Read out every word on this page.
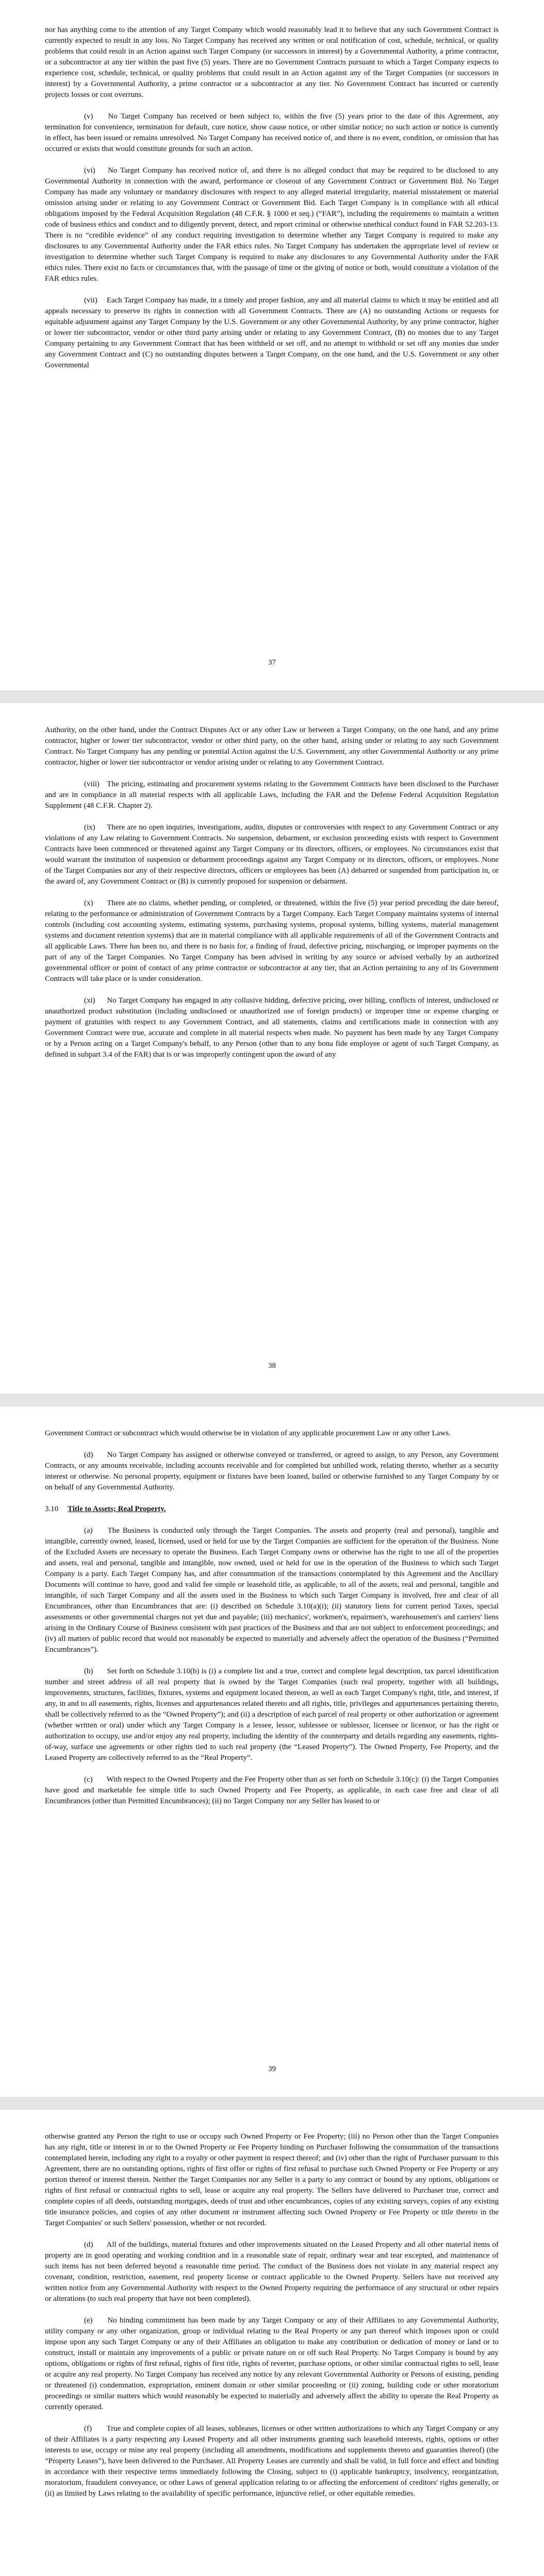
nor has anything come to the attention of any Target Company which would reasonably lead it to believe that any such Government Contract is currently expected to result in any loss. No Target Company has received any written or oral notification of cost, schedule, technical, or quality problems that could result in an Action against such Target Company (or successors in interest) by a Governmental Authority, a prime contractor, or a subcontractor at any tier within the past five (5) years. There are no Government Contracts pursuant to which a Target Company expects to experience cost, schedule, technical, or quality problems that could result in an Action against any of the Target Companies (or successors in interest) by a Governmental Authority, a prime contractor or a subcontractor at any tier. No Government Contract has incurred or currently projects losses or cost overruns.

(v) No Target Company has received or been subject to, within the five (5) years prior to the date of this Agreement, any termination for convenience, termination for default, cure notice, show cause notice, or other similar notice; no such action or notice is currently in effect, has been issued or remains unresolved. No Target Company has received notice of, and there is no event, condition, or omission that has occurred or exists that would constitute grounds for such an action.

(vi) No Target Company has received notice of, and there is no alleged conduct that may be required to be disclosed to any Governmental Authority in connection with the award, performance or closeout of any Government Contract or Government Bid. No Target Company has made any voluntary or mandatory disclosures with respect to any alleged material irregularity, material misstatement or material omission arising under or relating to any Government Contract or Government Bid. Each Target Company is in compliance with all ethical obligations imposed by the Federal Acquisition Regulation (48 C.F.R. § 1000 et seq.) (“FAR”), including the requirements to maintain a written code of business ethics and conduct and to diligently prevent, detect, and report criminal or otherwise unethical conduct found in FAR 52.203-13. There is no “credible evidence” of any conduct requiring investigation to determine whether any Target Company is required to make any disclosures to any Governmental Authority under the FAR ethics rules. No Target Company has undertaken the appropriate level of review or investigation to determine whether such Target Company is required to make any disclosures to any Governmental Authority under the FAR ethics rules. There exist no facts or circumstances that, with the passage of time or the giving of notice or both, would constitute a violation of the FAR ethics rules.

(vii) Each Target Company has made, in a timely and proper fashion, any and all material claims to which it may be entitled and all appeals necessary to preserve its rights in connection with all Government Contracts. There are (A) no outstanding Actions or requests for equitable adjustment against any Target Company by the U.S. Government or any other Governmental Authority, by any prime contractor, higher or lower tier subcontractor, vendor or other third party arising under or relating to any Government Contract, (B) no monies due to any Target Company pertaining to any Government Contract that has been withheld or set off, and no attempt to withhold or set off any monies due under any Government Contract and (C) no outstanding disputes between a Target Company, on the one hand, and the U.S. Government or any other Governmental

37

Authority, on the other hand, under the Contract Disputes Act or any other Law or between a Target Company, on the one hand, and any prime contractor, higher or lower tier subcontractor, vendor or other third party, on the other hand, arising under or relating to any such Government Contract. No Target Company has any pending or potential Action against the U.S. Government, any other Governmental Authority or any prime contractor, higher or lower tier subcontractor or vendor arising under or relating to any Government Contract.

(viii) The pricing, estimating and procurement systems relating to the Government Contracts have been disclosed to the Purchaser and are in compliance in all material respects with all applicable Laws, including the FAR and the Defense Federal Acquisition Regulation Supplement (48 C.F.R. Chapter 2).

(ix) There are no open inquiries, investigations, audits, disputes or controversies with respect to any Government Contract or any violations of any Law relating to Government Contracts. No suspension, debarment, or exclusion proceeding exists with respect to Government Contracts have been commenced or threatened against any Target Company or its directors, officers, or employees. No circumstances exist that would warrant the institution of suspension or debarment proceedings against any Target Company or its directors, officers, or employees. None of the Target Companies nor any of their respective directors, officers or employees has been (A) debarred or suspended from participation in, or the award of, any Government Contract or (B) is currently proposed for suspension or debarment.

(x) There are no claims, whether pending, or completed, or threatened, within the five (5) year period preceding the date hereof, relating to the performance or administration of Government Contracts by a Target Company. Each Target Company maintains systems of internal controls (including cost accounting systems, estimating systems, purchasing systems, proposal systems, billing systems, material management systems and document retention systems) that are in material compliance with all applicable requirements of all of the Government Contracts and all applicable Laws. There has been no, and there is no basis for, a finding of fraud, defective pricing, mischarging, or improper payments on the part of any of the Target Companies. No Target Company has been advised in writing by any source or advised verbally by an authorized governmental officer or point of contact of any prime contractor or subcontractor at any tier, that an Action pertaining to any of its Government Contracts will take place or is under consideration.

(xi) No Target Company has engaged in any collusive bidding, defective pricing, over billing, conflicts of interest, undisclosed or unauthorized product substitution (including undisclosed or unauthorized use of foreign products) or improper time or expense charging or payment of gratuities with respect to any Government Contract, and all statements, claims and certifications made in connection with any Government Contract were true, accurate and complete in all material respects when made. No payment has been made by any Target Company or by a Person acting on a Target Company's behalf, to any Person (other than to any bona fide employee or agent of such Target Company, as defined in subpart 3.4 of the FAR) that is or was improperly contingent upon the award of any

38

Government Contract or subcontract which would otherwise be in violation of any applicable procurement Law or any other Laws.

(d) No Target Company has assigned or otherwise conveyed or transferred, or agreed to assign, to any Person, any Government Contracts, or any amounts receivable, including accounts receivable and for completed but unbilled work, relating thereto, whether as a security interest or otherwise. No personal property, equipment or fixtures have been loaned, bailed or otherwise furnished to any Target Company by or on behalf of any Governmental Authority.

3.10 Title to Assets; Real Property.

(a) The Business is conducted only through the Target Companies. The assets and property (real and personal), tangible and intangible, currently owned, leased, licensed, used or held for use by the Target Companies are sufficient for the operation of the Business. None of the Excluded Assets are necessary to operate the Business. Each Target Company owns or otherwise has the right to use all of the properties and assets, real and personal, tangible and intangible, now owned, used or held for use in the operation of the Business to which such Target Company is a party. Each Target Company has, and after consummation of the transactions contemplated by this Agreement and the Ancillary Documents will continue to have, good and valid fee simple or leasehold title, as applicable, to all of the assets, real and personal, tangible and intangible, of such Target Company and all the assets used in the Business to which such Target Company is involved, free and clear of all Encumbrances, other than Encumbrances that are: (i) described on Schedule 3.10(a)(i); (ii) statutory liens for current period Taxes, special assessments or other governmental charges not yet due and payable; (iii) mechanics', workmen's, repairmen's, warehousemen's and carriers' liens arising in the Ordinary Course of Business consistent with past practices of the Business and that are not subject to enforcement proceedings; and (iv) all matters of public record that would not reasonably be expected to materially and adversely affect the operation of the Business (“Permitted Encumbrances”).

(b) Set forth on Schedule 3.10(b) is (i) a complete list and a true, correct and complete legal description, tax parcel identification number and street address of all real property that is owned by the Target Companies (such real property, together with all buildings, improvements, structures, facilities, fixtures, systems and equipment located thereon, as well as each Target Company's right, title, and interest, if any, in and to all easements, rights, licenses and appurtenances related thereto and all rights, title, privileges and appurtenances pertaining thereto, shall be collectively referred to as the “Owned Property”); and (ii) a description of each parcel of real property or other authorization or agreement (whether written or oral) under which any Target Company is a lessee, lessor, sublessee or sublessor, licensee or licensor, or has the right or authorization to occupy, use and/or enjoy any real property, including the identity of the counterparty and details regarding any easements, rights-of-way, surface use agreements or other rights tied to such real property (the “Leased Property”). The Owned Property, Fee Property, and the Leased Property are collectively referred to as the “Real Property”.

(c) With respect to the Owned Property and the Fee Property other than as set forth on Schedule 3.10(c): (i) the Target Companies have good and marketable fee simple title to such Owned Property and Fee Property, as applicable, in each case free and clear of all Encumbrances (other than Permitted Encumbrances); (ii) no Target Company nor any Seller has leased to or

39

otherwise granted any Person the right to use or occupy such Owned Property or Fee Property; (iii) no Person other than the Target Companies has any right, title or interest in or to the Owned Property or Fee Property binding on Purchaser following the consummation of the transactions contemplated herein, including any right to a royalty or other payment in respect thereof; and (iv) other than the right of Purchaser pursuant to this Agreement, there are no outstanding options, rights of first offer or rights of first refusal to purchase such Owned Property or Fee Property or any portion thereof or interest therein. Neither the Target Companies nor any Seller is a party to any contract or bound by any options, obligations or rights of first refusal or contractual rights to sell, lease or acquire any real property. The Sellers have delivered to Purchaser true, correct and complete copies of all deeds, outstanding mortgages, deeds of trust and other encumbrances, copies of any existing surveys, copies of any existing title insurance policies, and copies of any other document or instrument affecting such Owned Property or Fee Property or title thereto in the Target Companies' or such Sellers' possession, whether or not recorded.

(d) All of the buildings, material fixtures and other improvements situated on the Leased Property and all other material items of property are in good operating and working condition and in a reasonable state of repair, ordinary wear and tear excepted, and maintenance of such items has not been deferred beyond a reasonable time period. The conduct of the Business does not violate in any material respect any covenant, condition, restriction, easement, real property license or contract applicable to the Owned Property. Sellers have not received any written notice from any Governmental Authority with respect to the Owned Property requiring the performance of any structural or other repairs or alterations (to such real property that have not been completed).

(e) No binding commitment has been made by any Target Company or any of their Affiliates to any Governmental Authority, utility company or any other organization, group or individual relating to the Real Property or any part thereof which imposes upon or could impose upon any such Target Company or any of their Affiliates an obligation to make any contribution or dedication of money or land or to construct, install or maintain any improvements of a public or private nature on or off such Real Property. No Target Company is bound by any options, obligations or rights of first refusal, rights of first title, rights of reverter, purchase options, or other similar contractual rights to sell, lease or acquire any real property. No Target Company has received any notice by any relevant Governmental Authority or Persons of existing, pending or threatened (i) condemnation, expropriation, eminent domain or other similar proceeding or (ii) zoning, building code or other moratorium proceedings or similar matters which would reasonably be expected to materially and adversely affect the ability to operate the Real Property as currently operated.

(f) True and complete copies of all leases, subleases, licenses or other written authorizations to which any Target Company or any of their Affiliates is a party respecting any Leased Property and all other instruments granting such leasehold interests, rights, options or other interests to use, occupy or mine any real property (including all amendments, modifications and supplements thereto and guaranties thereof) (the “Property Leases”), have been delivered to the Purchaser. All Property Leases are currently and shall be valid, in full force and effect and binding in accordance with their respective terms immediately following the Closing, subject to (i) applicable bankruptcy, insolvency, reorganization, moratorium, fraudulent conveyance, or other Laws of general application relating to or affecting the enforcement of creditors' rights generally, or (ii) as limited by Laws relating to the availability of specific performance, injunctive relief, or other equitable remedies.
